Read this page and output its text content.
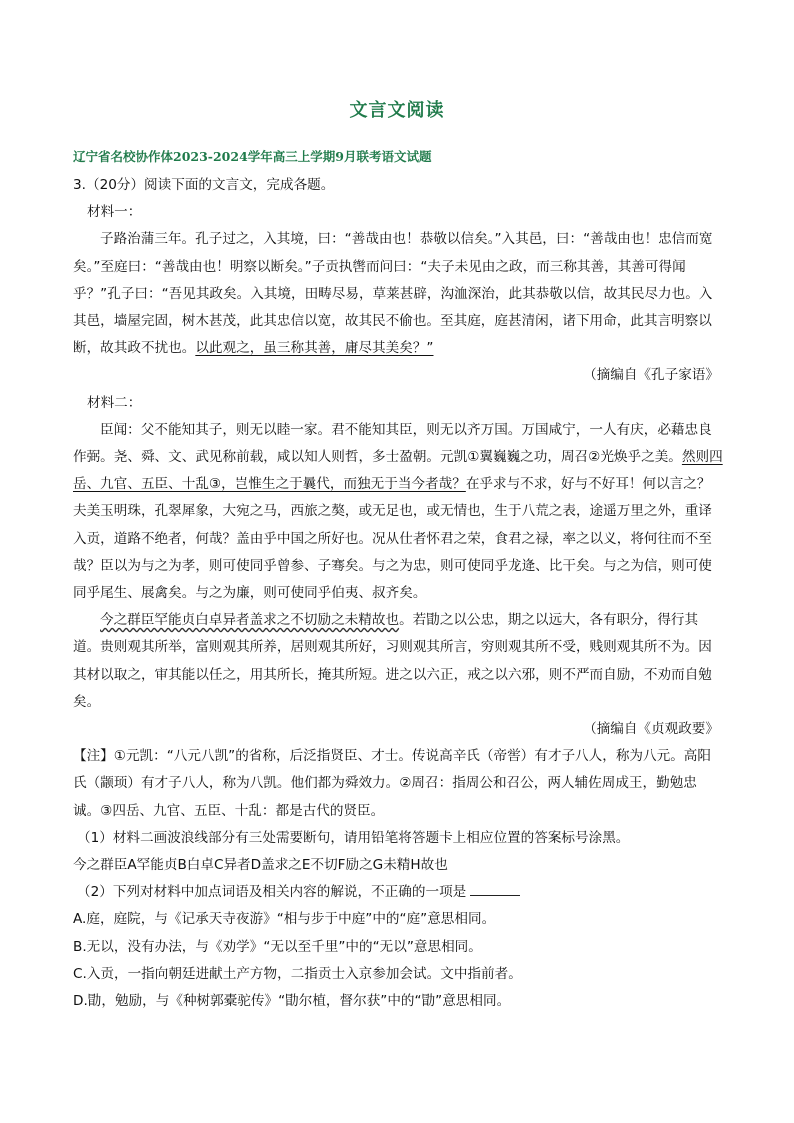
文言文阅读
辽宁省名校协作体2023-2024学年高三上学期9月联考语文试题

3.（20分）阅读下面的文言文，完成各题。

材料一：

子路治蒲三年。孔子过之，入其境，曰：“善哉由也！恭敬以信矣。”入其邑，曰：“善哉由也！忠信而宽矣。”至庭曰：“善哉由也！明察以断矣。”子贡执辔而问曰：“夫子未见由之政，而三称其善，其善可得闻乎？”孔子曰：“吾见其政矣。入其境，田畴尽易，草莱甚辟，沟洫深治，此其恭敬以信，故其民尽力也。入其邑，墙屋完固，树木甚茂，此其忠信以宽，故其民不偷也。至其庭，庭甚清闲，诸下用命，此其言明察以断，故其政不扰也。以此观之，虽三称其善，庸尽其美矣？”

（摘编自《孔子家语》

材料二：

臣闻：父不能知其子，则无以睦一家。君不能知其臣，则无以齐万国。万国咸宁，一人有庆，必藉忠良作弼。尧、舜、文、武见称前载，咸以知人则哲，多士盈朝。元凯①翼巍巍之功，周召②光焕乎之美。然则四岳、九官、五臣、十乱③，岂惟生之于曩代，而独无于当今者哉？在乎求与不求，好与不好耳！何以言之？夫美玉明珠，孔翠犀象，大宛之马，西旅之獒，或无足也，或无情也，生于八荒之表，途遥万里之外，重译入贡，道路不绝者，何哉？盖由乎中国之所好也。况从仕者怀君之荣，食君之禄，率之以义，将何往而不至哉？臣以为与之为孝，则可使同乎曾参、子骞矣。与之为忠，则可使同乎龙逄、比干矣。与之为信，则可使同乎尾生、展禽矣。与之为廉，则可使同乎伯夷、叔齐矣。

今之群臣罕能贞白卓异者盖求之不切励之未精故也。若勖之以公忠，期之以远大，各有职分，得行其道。贵则观其所举，富则观其所养，居则观其所好，习则观其所言，穷则观其所不受，贱则观其所不为。因其材以取之，审其能以任之，用其所长，掩其所短。进之以六正，戒之以六邪，则不严而自励，不劝而自勉矣。

（摘编自《贞观政要》

【注】①元凯：“八元八凯”的省称，后泛指贤臣、才士。传说高辛氏（帝喾）有才子八人，称为八元。高阳氏（颛顼）有才子八人，称为八凯。他们都为舜效力。②周召：指周公和召公，两人辅佐周成王，勤勉忠诚。③四岳、九官、五臣、十乱：都是古代的贤臣。

（1）材料二画波浪线部分有三处需要断句，请用铅笔将答题卡上相应位置的答案标号涂黑。

今之群臣A罕能贞B白卓C异者D盖求之E不切F励之G未精H故也

（2）下列对材料中加点词语及相关内容的解说，不正确的一项是

A.庭，庭院，与《记承天寺夜游》“相与步于中庭”中的“庭”意思相同。

B.无以，没有办法，与《劝学》“无以至千里”中的“无以”意思相同。

C.入贡，一指向朝廷进献土产方物，二指贡士入京参加会试。文中指前者。

D.勖，勉励，与《种树郭橐驼传》“勖尔植，督尔获”中的“勖”意思相同。
